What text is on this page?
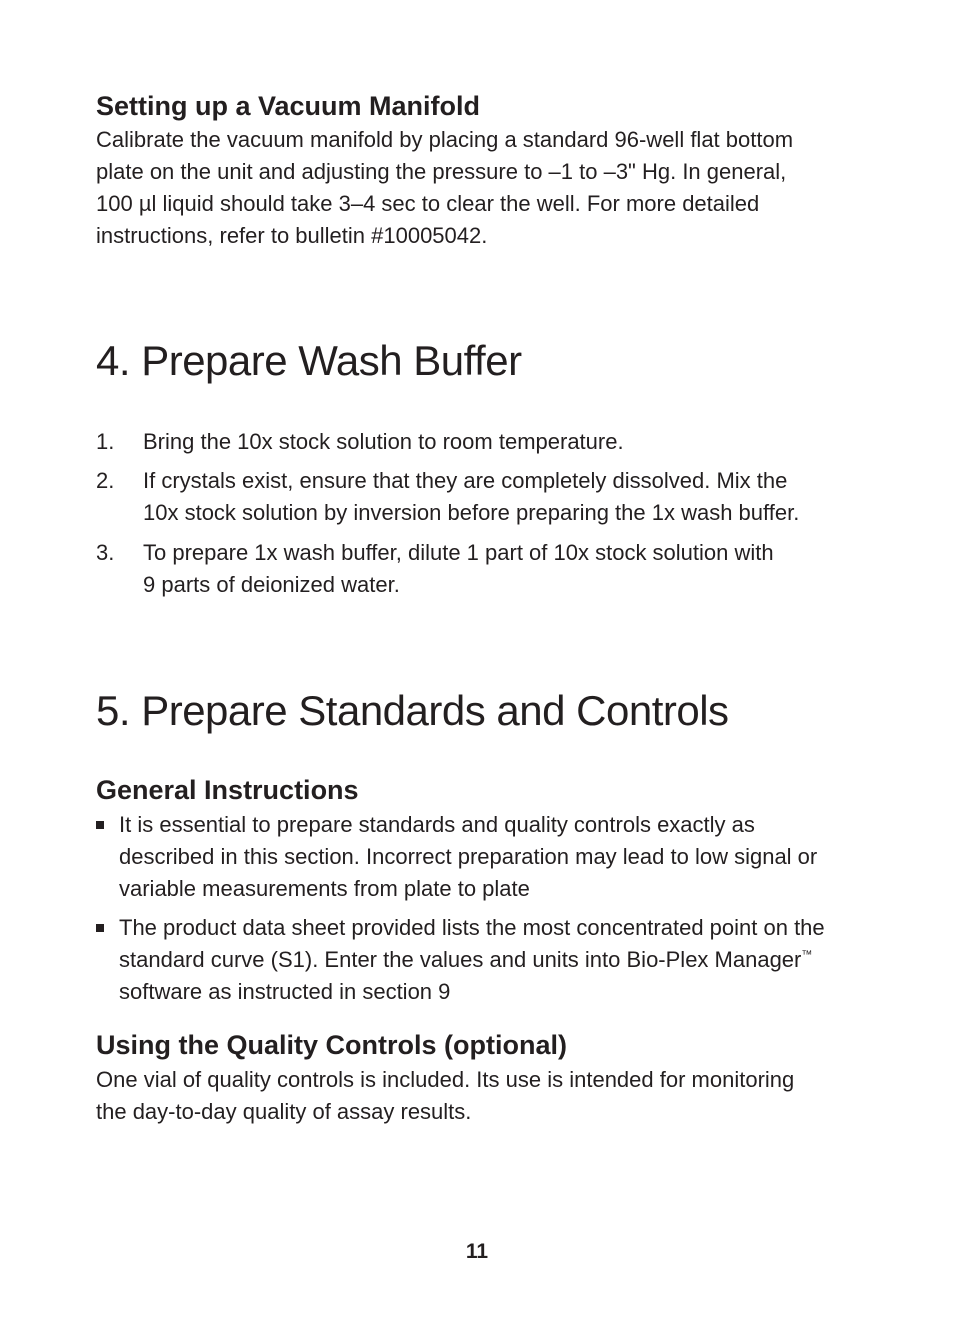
Setting up a Vacuum Manifold

Calibrate the vacuum manifold by placing a standard 96-well flat bottom
plate on the unit and adjusting the pressure to –1 to –3" Hg. In general,
100 µl liquid should take 3–4 sec to clear the well. For more detailed
instructions, refer to bulletin #10005042.

4. Prepare Wash Buffer
1. Bring the 10x stock solution to room temperature.
2. If crystals exist, ensure that they are completely dissolved. Mix the
10x stock solution by inversion before preparing the 1x wash buffer.
3. To prepare 1x wash buffer, dilute 1 part of 10x stock solution with
9 parts of deionized water.
5. Prepare Standards and Controls
General Instructions
It is essential to prepare standards and quality controls exactly as
described in this section. Incorrect preparation may lead to low signal or
variable measurements from plate to plate
The product data sheet provided lists the most concentrated point on the
standard curve (S1). Enter the values and units into Bio-Plex Manager™
software as instructed in section 9
Using the Quality Controls (optional)

One vial of quality controls is included. Its use is intended for monitoring
the day-to-day quality of assay results.

11
